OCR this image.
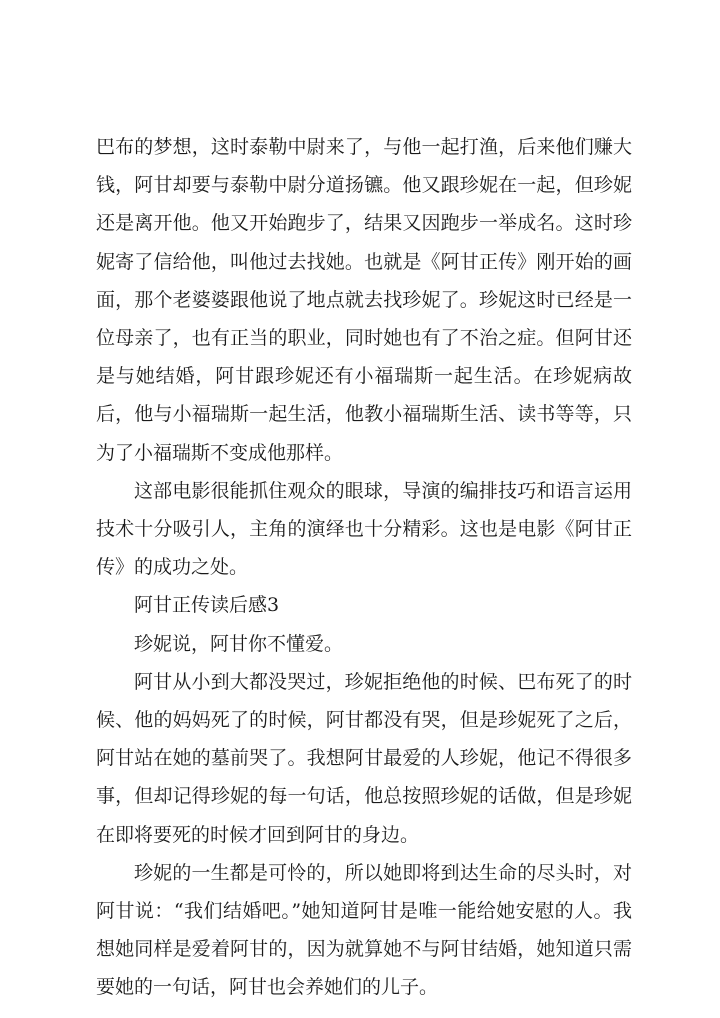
巴布的梦想，这时泰勒中尉来了，与他一起打渔，后来他们赚大钱，阿甘却要与泰勒中尉分道扬镳。他又跟珍妮在一起，但珍妮还是离开他。他又开始跑步了，结果又因跑步一举成名。这时珍妮寄了信给他，叫他过去找她。也就是《阿甘正传》刚开始的画面，那个老婆婆跟他说了地点就去找珍妮了。珍妮这时已经是一位母亲了，也有正当的职业，同时她也有了不治之症。但阿甘还是与她结婚，阿甘跟珍妮还有小福瑞斯一起生活。在珍妮病故后，他与小福瑞斯一起生活，他教小福瑞斯生活、读书等等，只为了小福瑞斯不变成他那样。

这部电影很能抓住观众的眼球，导演的编排技巧和语言运用技术十分吸引人，主角的演绎也十分精彩。这也是电影《阿甘正传》的成功之处。

阿甘正传读后感3

珍妮说，阿甘你不懂爱。

阿甘从小到大都没哭过，珍妮拒绝他的时候、巴布死了的时候、他的妈妈死了的时候，阿甘都没有哭，但是珍妮死了之后，阿甘站在她的墓前哭了。我想阿甘最爱的人珍妮，他记不得很多事，但却记得珍妮的每一句话，他总按照珍妮的话做，但是珍妮在即将要死的时候才回到阿甘的身边。

珍妮的一生都是可怜的，所以她即将到达生命的尽头时，对阿甘说：“我们结婚吧。”她知道阿甘是唯一能给她安慰的人。我想她同样是爱着阿甘的，因为就算她不与阿甘结婚，她知道只需要她的一句话，阿甘也会养她们的儿子。
